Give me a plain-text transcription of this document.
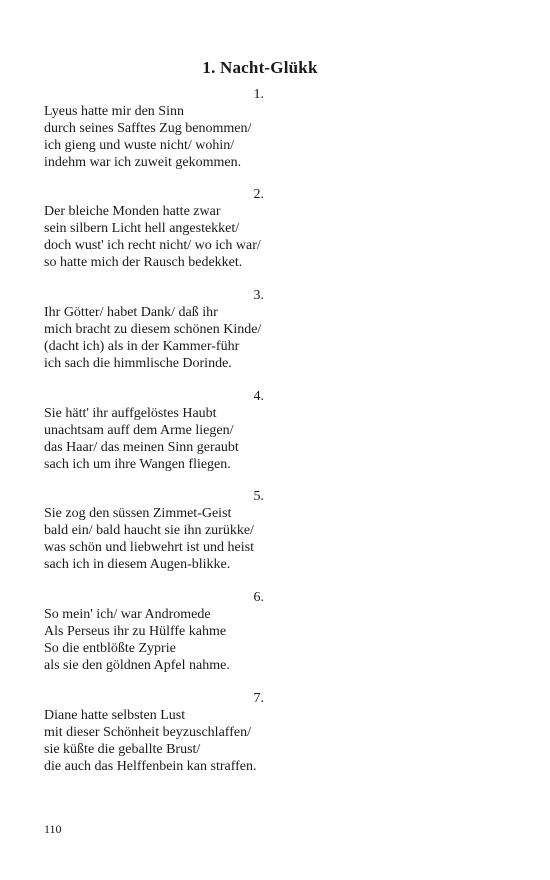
1. Nacht-Glükk
1.
Lyeus hatte mir den Sinn
durch seines Safftes Zug benommen/
ich gieng und wuste nicht/ wohin/
indehm war ich zuweit gekommen.
2.
Der bleiche Monden hatte zwar
sein silbern Licht hell angestekket/
doch wust' ich recht nicht/ wo ich war/
so hatte mich der Rausch bedekket.
3.
Ihr Götter/ habet Dank/ daß ihr
mich bracht zu diesem schönen Kinde/
(dacht ich) als in der Kammer-führ
ich sach die himmlische Dorinde.
4.
Sie hätt' ihr auffgelöstes Haubt
unachtsam auff dem Arme liegen/
das Haar/ das meinen Sinn geraubt
sach ich um ihre Wangen fliegen.
5.
Sie zog den süssen Zimmet-Geist
bald ein/ bald haucht sie ihn zurükke/
was schön und liebwehrt ist und heist
sach ich in diesem Augen-blikke.
6.
So mein' ich/ war Andromede
Als Perseus ihr zu Hülffe kahme
So die entblößte Zyprie
als sie den göldnen Apfel nahme.
7.
Diane hatte selbsten Lust
mit dieser Schönheit beyzuschlaffen/
sie küßte die geballte Brust/
die auch das Helffenbein kan straffen.
110
